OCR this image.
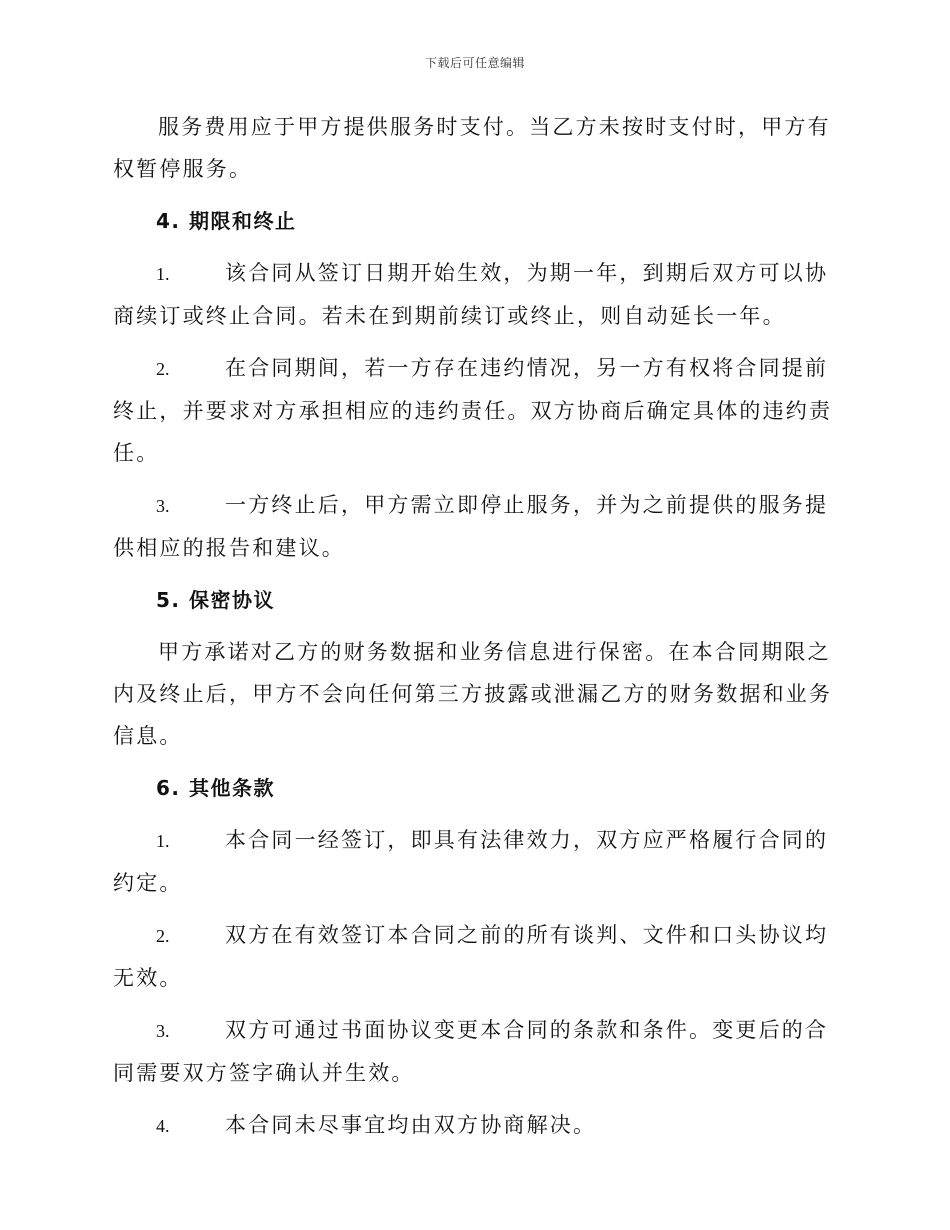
下载后可任意编辑

服务费用应于甲方提供服务时支付。当乙方未按时支付时，甲方有权暂停服务。

4. 期限和终止

1.	该合同从签订日期开始生效，为期一年，到期后双方可以协商续订或终止合同。若未在到期前续订或终止，则自动延长一年。

2.	在合同期间，若一方存在违约情况，另一方有权将合同提前终止，并要求对方承担相应的违约责任。双方协商后确定具体的违约责任。

3.	一方终止后，甲方需立即停止服务，并为之前提供的服务提供相应的报告和建议。

5. 保密协议

甲方承诺对乙方的财务数据和业务信息进行保密。在本合同期限之内及终止后，甲方不会向任何第三方披露或泄漏乙方的财务数据和业务信息。

6. 其他条款

1.	本合同一经签订，即具有法律效力，双方应严格履行合同的约定。

2.	双方在有效签订本合同之前的所有谈判、文件和口头协议均无效。

3.	双方可通过书面协议变更本合同的条款和条件。变更后的合同需要双方签字确认并生效。

4.	本合同未尽事宜均由双方协商解决。
